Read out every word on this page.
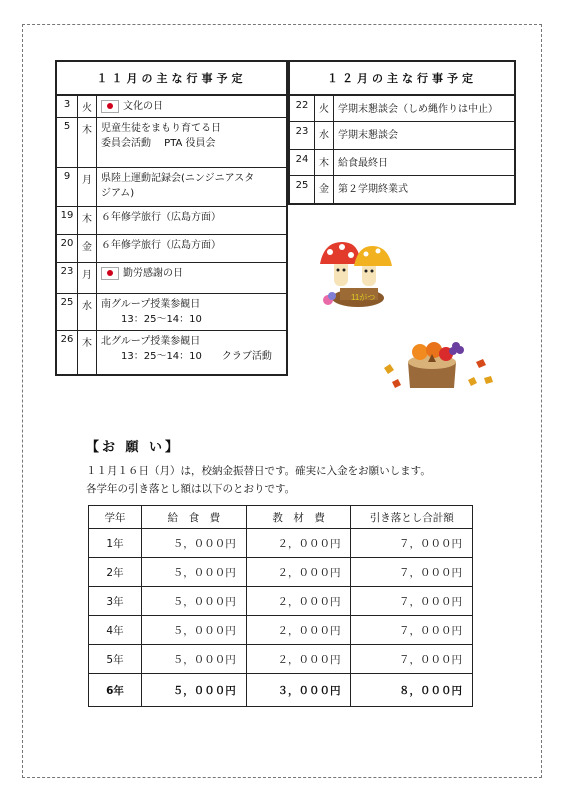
１１月の主な行事予定		
3	火	文化の日

5	木	児童生徒をまもり育てる日
委員会活動　 PTA 役員会

9	月	県陸上運動記録会(ニンジニアスタ
ジアム)

19	木	６年修学旅行（広島方面）

20	金	６年修学旅行（広島方面）

23	月	勤労感謝の日

25	水	南グループ授業参観日
　　13：25～14：10

26	木	北グループ授業参観日
　　13：25～14：10　　クラブ活動
１２月の主な行事予定		
22	火	学期末懇談会（しめ縄作りは中止）
23	水	学期末懇談会
24	木	給食最終日
25	金	第２学期終業式
11がつ
【お 願 い】
１１月１６日（月）は，校納金振替日です。確実に入金をお願いします。
各学年の引き落とし額は以下のとおりです。
学年	給　食　費	教　材　費	引き落とし合計額
1年	５，０００円	２，０００円	７，０００円
2年	５，０００円	２，０００円	７，０００円
3年	５，０００円	２，０００円	７，０００円
4年	５，０００円	２，０００円	７，０００円
5年	５，０００円	２，０００円	７，０００円
6年	５，０００円	３，０００円	８，０００円
